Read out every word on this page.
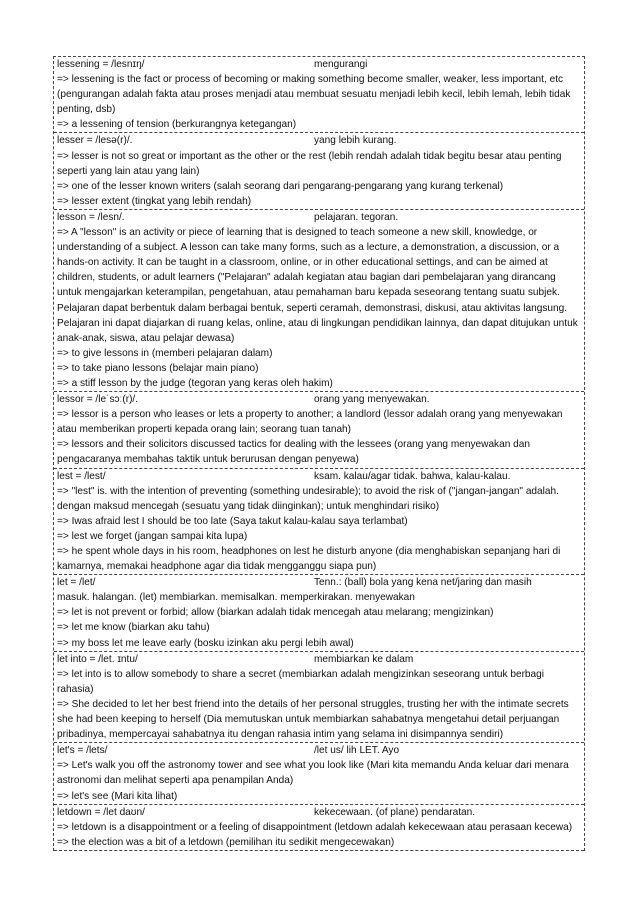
lessening = /lesnɪŋ/	mengurangi
=> lessening is the fact or process of becoming or making something become smaller, weaker, less important, etc (pengurangan adalah fakta atau proses menjadi atau membuat sesuatu menjadi lebih kecil, lebih lemah, lebih tidak penting, dsb)
=> a lessening of tension (berkurangnya ketegangan)
lesser = /lesə(r)/.	yang lebih kurang.
=> lesser is not so great or important as the other or the rest (lebih rendah adalah tidak begitu besar atau penting seperti yang lain atau yang lain)
=> one of the lesser known writers (salah seorang dari pengarang-pengarang yang kurang terkenal)
=> lesser extent (tingkat yang lebih rendah)
lesson = /lesn/.	pelajaran. tegoran.
=> A "lesson" is an activity or piece of learning that is designed to teach someone a new skill, knowledge, or understanding of a subject. A lesson can take many forms, such as a lecture, a demonstration, a discussion, or a hands-on activity. It can be taught in a classroom, online, or in other educational settings, and can be aimed at children, students, or adult learners ("Pelajaran" adalah kegiatan atau bagian dari pembelajaran yang dirancang untuk mengajarkan keterampilan, pengetahuan, atau pemahaman baru kepada seseorang tentang suatu subjek. Pelajaran dapat berbentuk dalam berbagai bentuk, seperti ceramah, demonstrasi, diskusi, atau aktivitas langsung. Pelajaran ini dapat diajarkan di ruang kelas, online, atau di lingkungan pendidikan lainnya, dan dapat ditujukan untuk anak-anak, siswa, atau pelajar dewasa)
=> to give lessons in (memberi pelajaran dalam)
=> to take piano lessons (belajar main piano)
=> a stiff lesson by the judge (tegoran yang keras oleh hakim)
lessor = /leˈsɔː(r)/.	orang yang menyewakan.
=> lessor is a person who leases or lets a property to another; a landlord (lessor adalah orang yang menyewakan atau memberikan properti kepada orang lain; seorang tuan tanah)
=> lessors and their solicitors discussed tactics for dealing with the lessees (orang yang menyewakan dan pengacaranya membahas taktik untuk berurusan dengan penyewa)
lest = /lest/	ksam. kalau/agar tidak. bahwa, kalau-kalau.
=> "lest" is. with the intention of preventing (something undesirable); to avoid the risk of ("jangan-jangan" adalah. dengan maksud mencegah (sesuatu yang tidak diinginkan); untuk menghindari risiko)
=> Iwas afraid lest I should be too late (Saya takut kalau-kalau saya terlambat)
=> lest we forget (jangan sampai kita lupa)
=> he spent whole days in his room, headphones on lest he disturb anyone (dia menghabiskan sepanjang hari di kamarnya, memakai headphone agar dia tidak mengganggu siapa pun)
let = /let/	Tenn.: (ball) bola yang kena net/jaring dan masih
masuk. halangan. (let) membiarkan. memisalkan. memperkirakan. menyewakan
=> let is not prevent or forbid; allow (biarkan adalah tidak mencegah atau melarang; mengizinkan)
=> let me know (biarkan aku tahu)
=> my boss let me leave early (bosku izinkan aku pergi lebih awal)
let into = /let. ɪntu/	membiarkan ke dalam
=> let into is to allow somebody to share a secret (membiarkan adalah mengizinkan seseorang untuk berbagi rahasia)
=> She decided to let her best friend into the details of her personal struggles, trusting her with the intimate secrets she had been keeping to herself (Dia memutuskan untuk membiarkan sahabatnya mengetahui detail perjuangan pribadinya, mempercayai sahabatnya itu dengan rahasia intim yang selama ini disimpannya sendiri)
let's = /lets/	/let us/ lih LET. Ayo
=> Let's walk you off the astronomy tower and see what you look like (Mari kita memandu Anda keluar dari menara astronomi dan melihat seperti apa penampilan Anda)
=> let's see (Mari kita lihat)
letdown = /let daʊn/	kekecewaan. (of plane) pendaratan.
=> letdown is a disappointment or a feeling of disappointment (letdown adalah kekecewaan atau perasaan kecewa)
=> the election was a bit of a letdown (pemilihan itu sedikit mengecewakan)
